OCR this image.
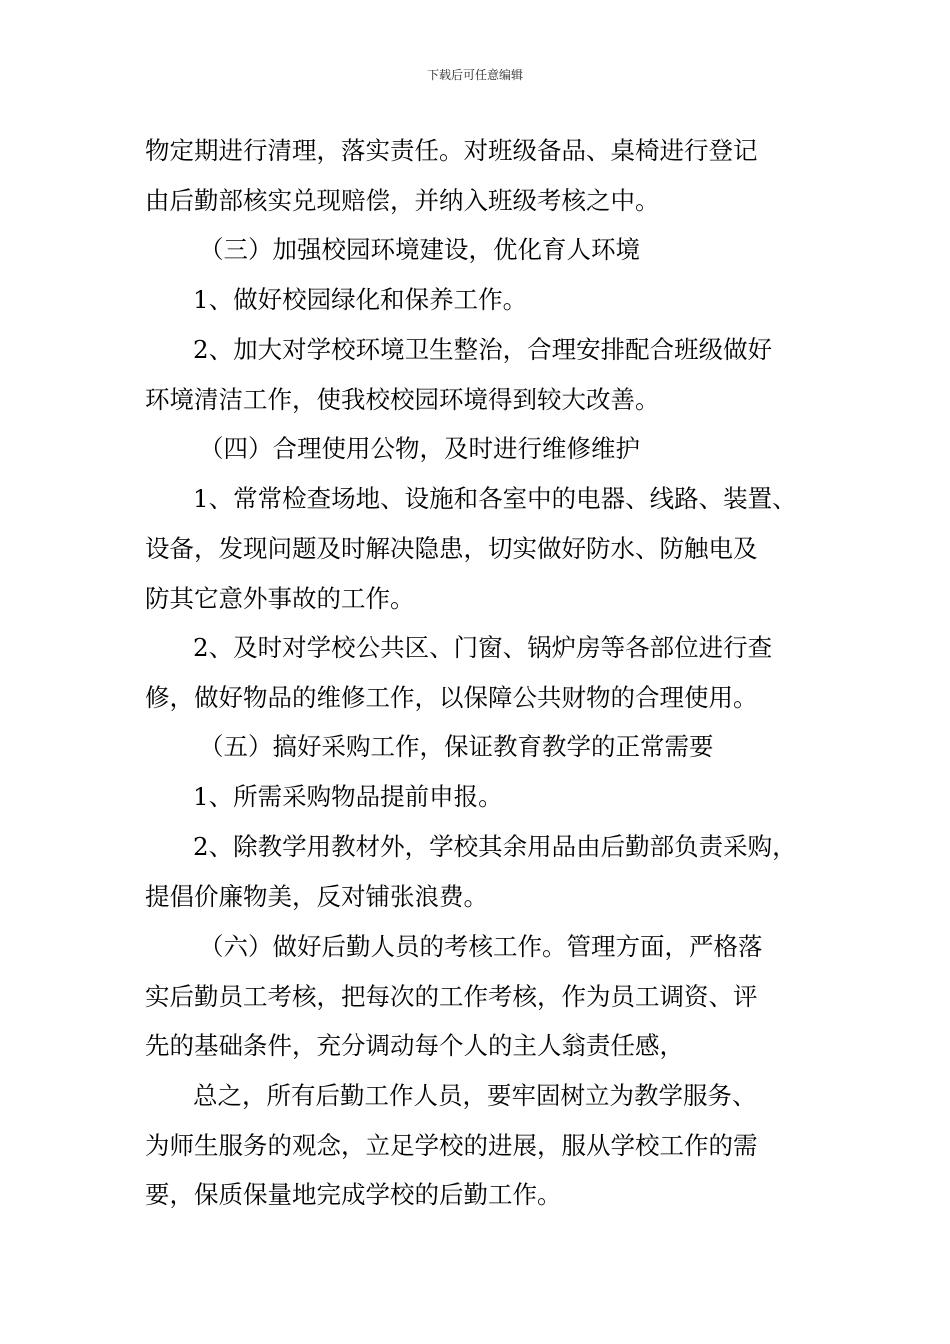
下载后可任意编辑
物定期进行清理，落实责任。对班级备品、桌椅进行登记
由后勤部核实兑现赔偿，并纳入班级考核之中。
（三）加强校园环境建设，优化育人环境
1、做好校园绿化和保养工作。
2、加大对学校环境卫生整治，合理安排配合班级做好
环境清洁工作，使我校校园环境得到较大改善。
（四）合理使用公物，及时进行维修维护
1、常常检查场地、设施和各室中的电器、线路、装置、
设备，发现问题及时解决隐患，切实做好防水、防触电及
防其它意外事故的工作。
2、及时对学校公共区、门窗、锅炉房等各部位进行查
修，做好物品的维修工作，以保障公共财物的合理使用。
（五）搞好采购工作，保证教育教学的正常需要
1、所需采购物品提前申报。
2、除教学用教材外，学校其余用品由后勤部负责采购，
提倡价廉物美，反对铺张浪费。
（六）做好后勤人员的考核工作。管理方面，严格落
实后勤员工考核，把每次的工作考核，作为员工调资、评
先的基础条件，充分调动每个人的主人翁责任感，
总之，所有后勤工作人员，要牢固树立为教学服务、
为师生服务的观念，立足学校的进展，服从学校工作的需
要，保质保量地完成学校的后勤工作。
